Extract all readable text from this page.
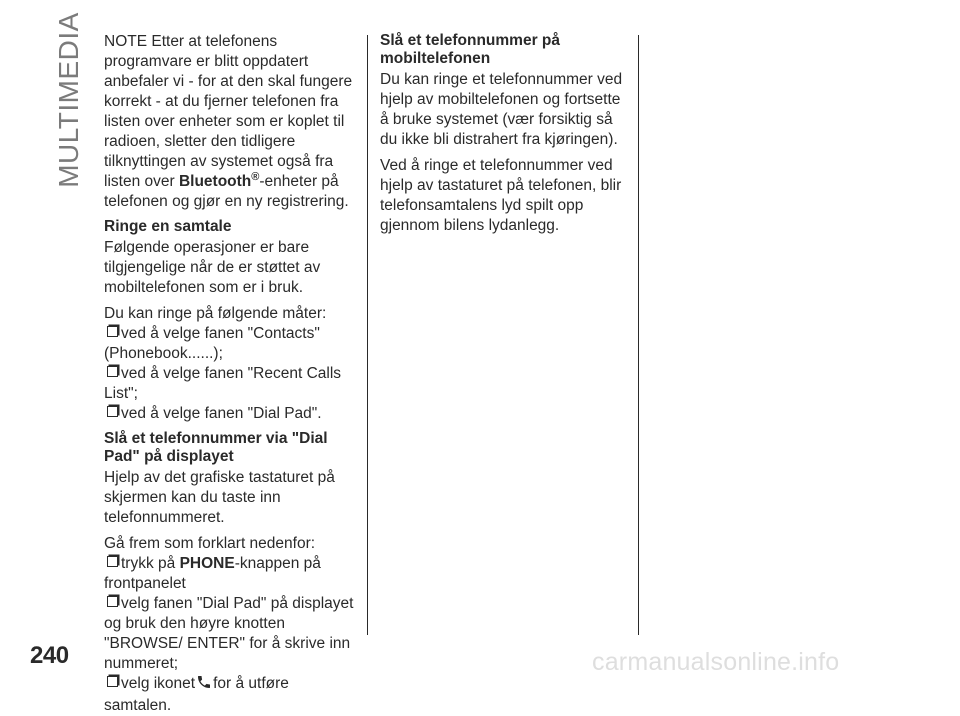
MULTIMEDIA NOTE Etter at telefonens programvare er blitt oppdatert anbefaler vi - for at den skal fungere korrekt - at du fjerner telefonen fra listen over enheter som er koplet til radioen, sletter den tidligere tilknyttingen av systemet også fra listen over Bluetooth®-enheter på telefonen og gjør en ny registrering.

Ringe en samtale

Følgende operasjoner er bare tilgjengelige når de er støttet av mobiltelefonen som er i bruk.

Du kan ringe på følgende måter:

ved å velge fanen "Contacts" (Phonebook......);

ved å velge fanen "Recent Calls List";

ved å velge fanen "Dial Pad".

Slå et telefonnummer via "Dial Pad" på displayet

Hjelp av det grafiske tastaturet på skjermen kan du taste inn telefonnummeret.

Gå frem som forklart nedenfor:

trykk på PHONE-knappen på frontpanelet

velg fanen "Dial Pad" på displayet og bruk den høyre knotten "BROWSE/ ENTER" for å skrive inn nummeret;

velg ikonet for å utføre samtalen.

Slå et telefonnummer på mobiltelefonen

Du kan ringe et telefonnummer ved hjelp av mobiltelefonen og fortsette å bruke systemet (vær forsiktig så du ikke bli distrahert fra kjøringen).

Ved å ringe et telefonnummer ved hjelp av tastaturet på telefonen, blir telefonsamtalens lyd spilt opp gjennom bilens lydanlegg.

240	carmanualsonline.info
